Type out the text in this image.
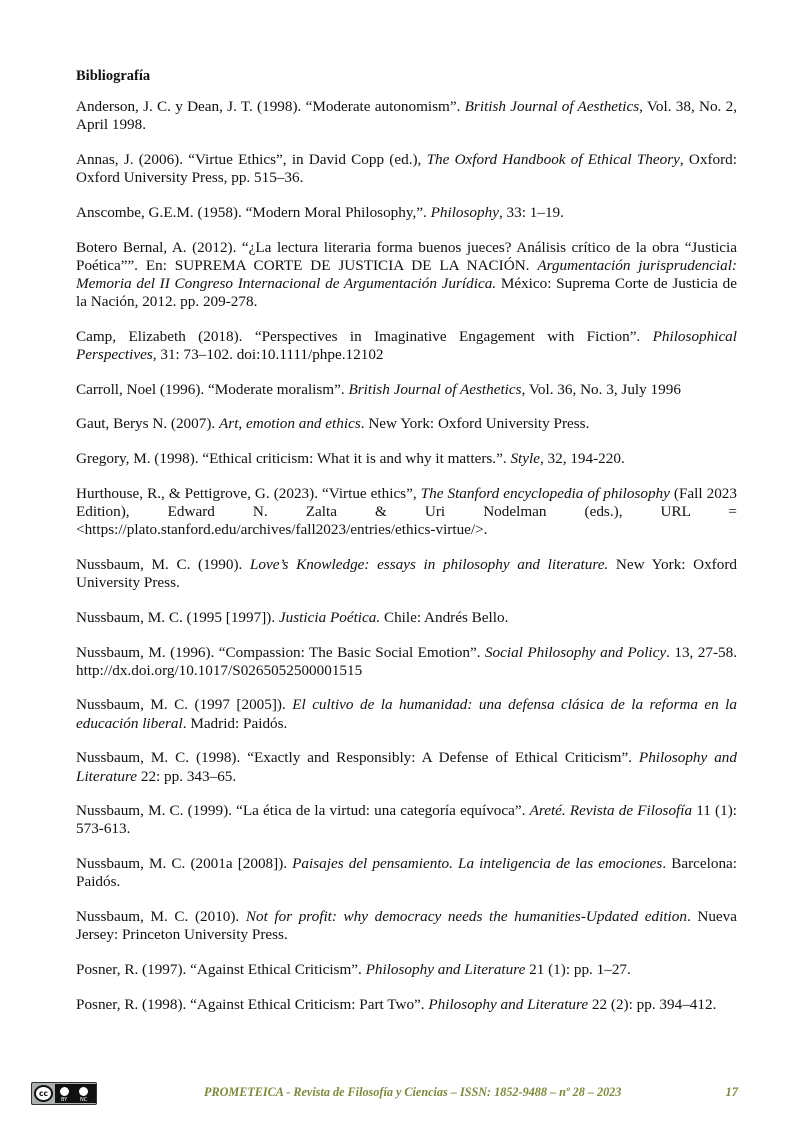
Bibliografía

Anderson, J. C. y Dean, J. T. (1998). “Moderate autonomism”. British Journal of Aesthetics, Vol. 38, No. 2, April 1998.

Annas, J. (2006). “Virtue Ethics”, in David Copp (ed.), The Oxford Handbook of Ethical Theory, Oxford: Oxford University Press, pp. 515–36.

Anscombe, G.E.M. (1958). “Modern Moral Philosophy,”. Philosophy, 33: 1–19.

Botero Bernal, A. (2012). “¿La lectura literaria forma buenos jueces? Análisis crítico de la obra “Justicia Poética””. En: SUPREMA CORTE DE JUSTICIA DE LA NACIÓN. Argumentación jurisprudencial: Memoria del II Congreso Internacional de Argumentación Jurídica. México: Suprema Corte de Justicia de la Nación, 2012. pp. 209-278.

Camp, Elizabeth (2018). “Perspectives in Imaginative Engagement with Fiction”. Philosophical Perspectives, 31: 73–102. doi:10.1111/phpe.12102

Carroll, Noel (1996). “Moderate moralism”. British Journal of Aesthetics, Vol. 36, No. 3, July 1996

Gaut, Berys N. (2007). Art, emotion and ethics. New York: Oxford University Press.

Gregory, M. (1998). “Ethical criticism: What it is and why it matters.”. Style, 32, 194-220.

Hurthouse, R., & Pettigrove, G. (2023). “Virtue ethics”, The Stanford encyclopedia of philosophy (Fall 2023 Edition), Edward N. Zalta & Uri Nodelman (eds.), URL = <https://plato.stanford.edu/archives/fall2023/entries/ethics-virtue/>.

Nussbaum, M. C. (1990). Love’s Knowledge: essays in philosophy and literature. New York: Oxford University Press.

Nussbaum, M. C. (1995 [1997]). Justicia Poética. Chile: Andrés Bello.

Nussbaum, M. (1996). “Compassion: The Basic Social Emotion”. Social Philosophy and Policy. 13, 27-58. http://dx.doi.org/10.1017/S0265052500001515

Nussbaum, M. C. (1997 [2005]). El cultivo de la humanidad: una defensa clásica de la reforma en la educación liberal. Madrid: Paidós.

Nussbaum, M. C. (1998). “Exactly and Responsibly: A Defense of Ethical Criticism”. Philosophy and Literature 22: pp. 343–65.

Nussbaum, M. C. (1999). “La ética de la virtud: una categoría equívoca”. Areté. Revista de Filosofía 11 (1): 573-613.

Nussbaum, M. C. (2001a [2008]). Paisajes del pensamiento. La inteligencia de las emociones. Barcelona: Paidós.

Nussbaum, M. C. (2010). Not for profit: why democracy needs the humanities-Updated edition. Nueva Jersey: Princeton University Press.

Posner, R. (1997). “Against Ethical Criticism”. Philosophy and Literature 21 (1): pp. 1–27.

Posner, R. (1998). “Against Ethical Criticism: Part Two”. Philosophy and Literature 22 (2): pp. 394–412.

cc
BY	NC
PROMETEICA - Revista de Filosofía y Ciencias – ISSN: 1852-9488 – nº 28 – 2023	17
